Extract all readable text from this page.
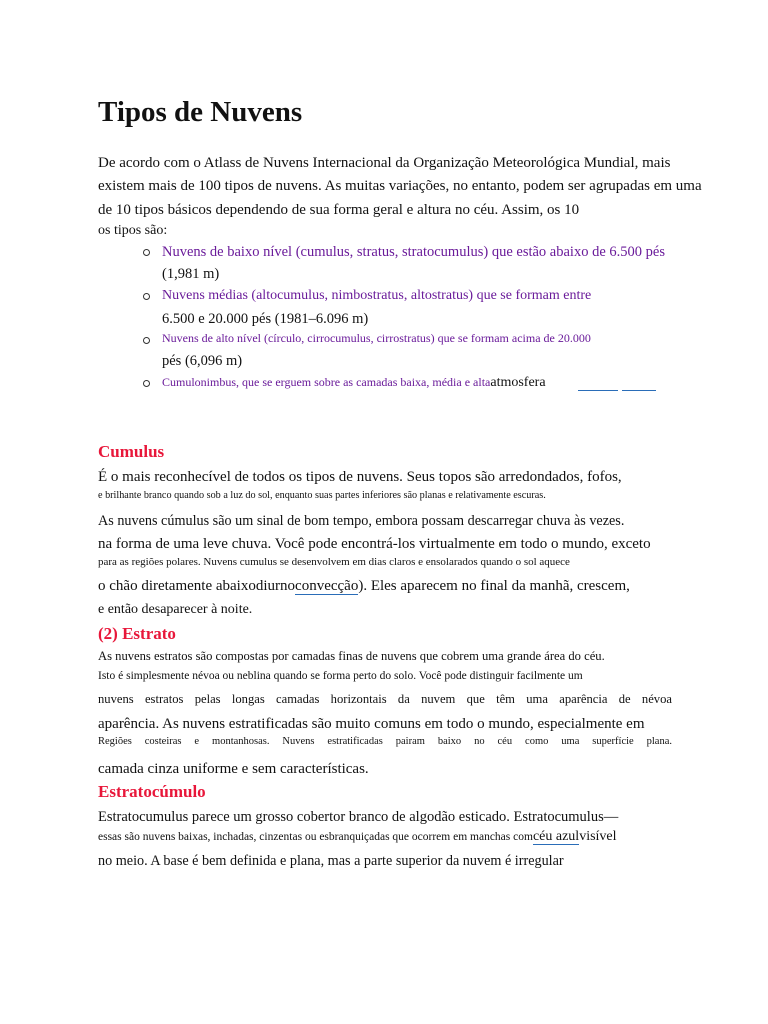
Tipos de Nuvens
De acordo com o Atlass de Nuvens Internacional da Organização Meteorológica Mundial, mais
existem mais de 100 tipos de nuvens. As muitas variações, no entanto, podem ser agrupadas em uma
de 10 tipos básicos dependendo de sua forma geral e altura no céu. Assim, os 10
os tipos são:
Nuvens de baixo nível (cumulus, stratus, stratocumulus) que estão abaixo de 6.500 pés
(1,981 m)
Nuvens médias (altocumulus, nimbostratus, altostratus) que se formam entre
6.500 e 20.000 pés (1981–6.096 m)
Nuvens de alto nível (círculo, cirrocumulus, cirrostratus) que se formam acima de 20.000
pés (6,096 m)
Cumulonimbus, que se erguem sobre as camadas baixa, média e altaatmosfera
Cumulus
É o mais reconhecível de todos os tipos de nuvens. Seus topos são arredondados, fofos,
e brilhante branco quando sob a luz do sol, enquanto suas partes inferiores são planas e relativamente escuras.
As nuvens cúmulus são um sinal de bom tempo, embora possam descarregar chuva às vezes.
na forma de uma leve chuva. Você pode encontrá-los virtualmente em todo o mundo, exceto
para as regiões polares. Nuvens cumulus se desenvolvem em dias claros e ensolarados quando o sol aquece
o chão diretamente abaixodiurnoconvecção). Eles aparecem no final da manhã, crescem,
e então desaparecer à noite.
(2) Estrato
As nuvens estratos são compostas por camadas finas de nuvens que cobrem uma grande área do céu.
Isto é simplesmente névoa ou neblina quando se forma perto do solo. Você pode distinguir facilmente um
nuvens estratos pelas longas camadas horizontais da nuvem que têm uma aparência de névoa
aparência. As nuvens estratificadas são muito comuns em todo o mundo, especialmente em
Regiões costeiras e montanhosas. Nuvens estratificadas pairam baixo no céu como uma superfície plana.
camada cinza uniforme e sem características.
Estratocúmulo
Estratocumulus parece um grosso cobertor branco de algodão esticado. Estratocumulus—
essas são nuvens baixas, inchadas, cinzentas ou esbranquiçadas que ocorrem em manchas comcéu azulvisível
no meio. A base é bem definida e plana, mas a parte superior da nuvem é irregular
